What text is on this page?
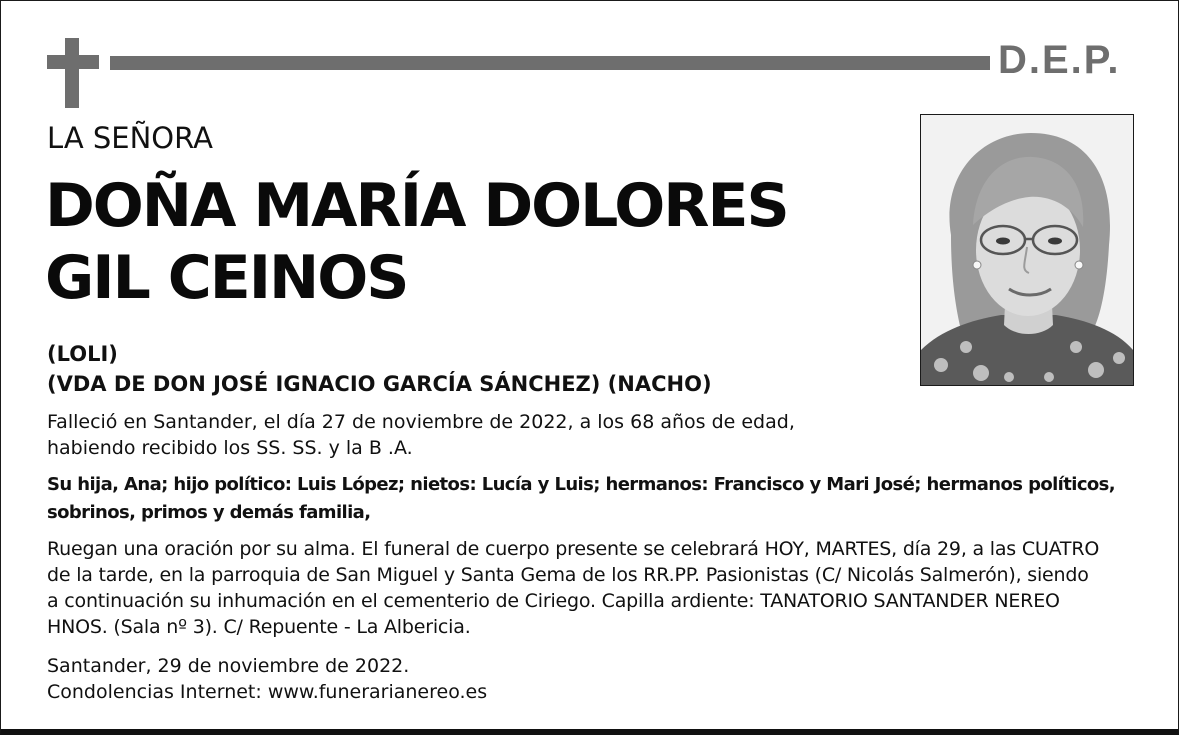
D.E.P.
LA SEÑORA
DOÑA MARÍA DOLORES
GIL CEINOS
(LOLI)
(VDA DE DON JOSÉ IGNACIO GARCÍA SÁNCHEZ) (NACHO)
Falleció en Santander, el día 27 de noviembre de 2022, a los 68 años de edad,
habiendo recibido los SS. SS. y la B .A.
Su hija, Ana; hijo político: Luis López; nietos: Lucía y Luis; hermanos: Francisco y Mari José; hermanos políticos,
sobrinos, primos y demás familia,
Ruegan una oración por su alma. El funeral de cuerpo presente se celebrará HOY, MARTES, día 29, a las CUATRO
de la tarde, en la parroquia de San Miguel y Santa Gema de los RR.PP. Pasionistas (C/ Nicolás Salmerón), siendo
a continuación su inhumación en el cementerio de Ciriego. Capilla ardiente: TANATORIO SANTANDER NEREO
HNOS. (Sala nº 3). C/ Repuente - La Albericia.
Santander, 29 de noviembre de 2022.
Condolencias Internet: www.funerarianereo.es
